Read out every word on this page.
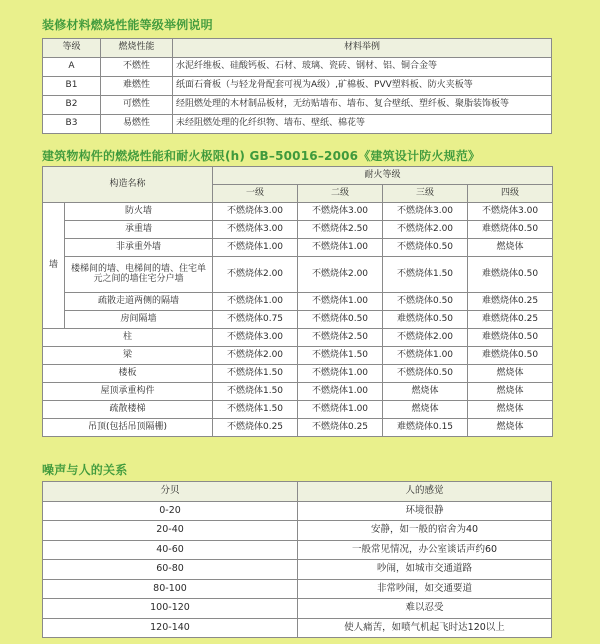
装修材料燃烧性能等级举例说明
等级	燃烧性能	材料举例
A	不燃性	水泥纤维板、硅酸钙板、石材、玻璃、瓷砖、钢材、铝、铜合金等
B1	难燃性	纸面石膏板（与轻龙骨配套可视为A级）,矿棉板、PVV塑料板、防火夹板等
B2	可燃性	经阻燃处理的木材制品板材，无纺贴墙布、墙布、复合壁纸、塑纤板、聚脂装饰板等
B3	易燃性	未经阻燃处理的化纤织物、墙布、壁纸、棉花等
建筑物构件的燃烧性能和耐火极限(h) GB–50016–2006《建筑设计防火规范》
构造名称		耐火等级			
		一级	二级	三级	四级
墙					
	防火墙	不燃烧体3.00	不燃烧体3.00	不燃烧体3.00	不燃烧体3.00
	承重墙	不燃烧体3.00	不燃烧体2.50	不燃烧体2.00	难燃烧体0.50
	非承重外墙	不燃烧体1.00	不燃烧体1.00	不燃烧体0.50	燃烧体
	楼梯间的墙、电梯间的墙、住宅单元之间的墙住宅分户墙	不燃烧体2.00	不燃烧体2.00	不燃烧体1.50	难燃烧体0.50
	疏散走道两侧的隔墙	不燃烧体1.00	不燃烧体1.00	不燃烧体0.50	难燃烧体0.25
	房间隔墙	不燃烧体0.75	不燃烧体0.50	难燃烧体0.50	难燃烧体0.25
柱		不燃烧体3.00	不燃烧体2.50	不燃烧体2.00	难燃烧体0.50
梁		不燃烧体2.00	不燃烧体1.50	不燃烧体1.00	难燃烧体0.50
楼板		不燃烧体1.50	不燃烧体1.00	不燃烧体0.50	燃烧体
屋顶承重构件		不燃烧体1.50	不燃烧体1.00	燃烧体	燃烧体
疏散楼梯		不燃烧体1.50	不燃烧体1.00	燃烧体	燃烧体
吊顶(包括吊顶隔栅)		不燃烧体0.25	不燃烧体0.25	难燃烧体0.15	燃烧体
噪声与人的关系
分贝	人的感觉
0-20	环境很静
20-40	安静，如一般的宿舍为40
40-60	一般常见情况，办公室谈话声约60
60-80	吵闹，如城市交通道路
80-100	非常吵闹，如交通要道
100-120	难以忍受
120-140	使人痛苦，如喷气机起飞时达120以上
